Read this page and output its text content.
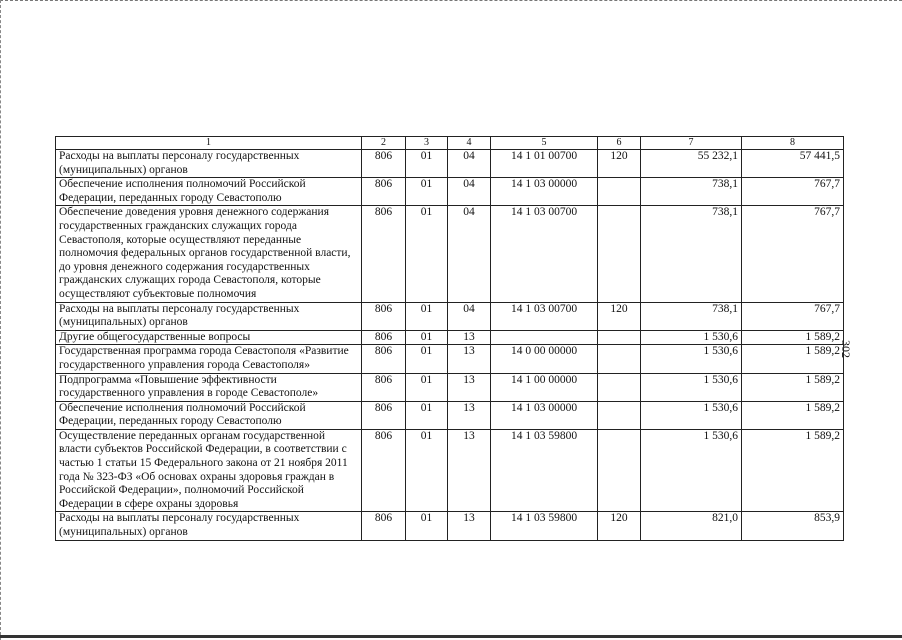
302
1	2	3	4	5	6	7	8
Расходы на выплаты персоналу государственных (муниципальных) органов	806	01	04	14 1 01 00700	120	55 232,1	57 441,5
Обеспечение исполнения полномочий Российской Федерации, переданных городу Севастополю	806	01	04	14 1 03 00000		738,1	767,7
Обеспечение доведения уровня денежного содержания государственных гражданских служащих города Севастополя, которые осуществляют переданные полномочия федеральных органов государственной власти, до уровня денежного содержания государственных гражданских служащих города Севастополя, которые осуществляют субъектовые полномочия	806	01	04	14 1 03 00700		738,1	767,7
Расходы на выплаты персоналу государственных (муниципальных) органов	806	01	04	14 1 03 00700	120	738,1	767,7
Другие общегосударственные вопросы	806	01	13			1 530,6	1 589,2
Государственная программа города Севастополя «Развитие государственного управления города Севастополя»	806	01	13	14 0 00 00000		1 530,6	1 589,2
Подпрограмма «Повышение эффективности государственного управления в городе Севастополе»	806	01	13	14 1 00 00000		1 530,6	1 589,2
Обеспечение исполнения полномочий Российской Федерации, переданных городу Севастополю	806	01	13	14 1 03 00000		1 530,6	1 589,2
Осуществление переданных органам государственной власти субъектов Российской Федерации, в соответствии с частью 1 статьи 15 Федерального закона от 21 ноября 2011 года № 323-ФЗ «Об основах охраны здоровья граждан в Российской Федерации», полномочий Российской Федерации в сфере охраны здоровья	806	01	13	14 1 03 59800		1 530,6	1 589,2
Расходы на выплаты персоналу государственных (муниципальных) органов	806	01	13	14 1 03 59800	120	821,0	853,9
